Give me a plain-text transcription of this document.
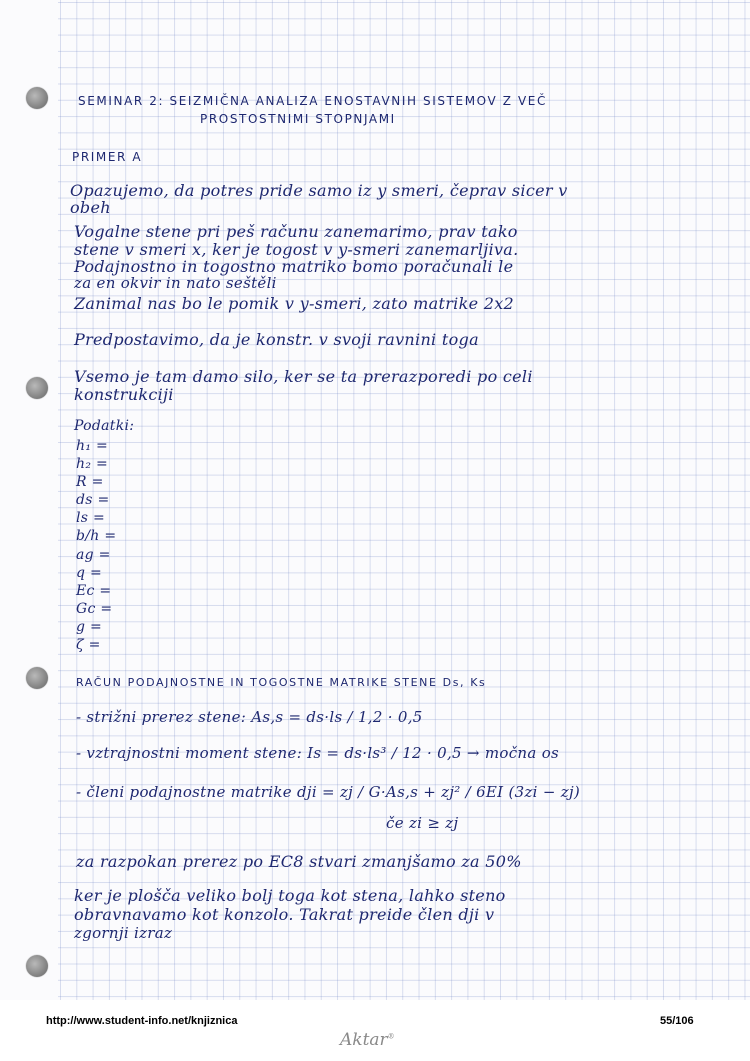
SEMINAR 2: SEIZMIČNA ANALIZA ENOSTAVNIH SISTEMOV Z VEČ
PROSTOSTNIMI STOPNJAMI
PRIMER A
Opazujemo, da potres pride samo iz y smeri, čeprav sicer v
obeh
Vogalne stene pri peš računu zanemarimo, prav tako
stene v smeri x, ker je togost v y-smeri zanemarljiva.
Podajnostno in togostno matriko bomo poračunali le
za en okvir in nato seštěli
Zanimal nas bo le pomik v y-smeri, zato matrike 2x2
Predpostavimo, da je konstr. v svoji ravnini toga
Vsemo je tam damo silo, ker se ta prerazporedi po celi
konstrukciji
Podatki:
h₁ =
h₂ =
R =
ds =
ls =
b/h =
ag =
q =
Ec =
Gc =
g =
ζ =
RAČUN PODAJNOSTNE IN TOGOSTNE MATRIKE STENE Ds, Ks
- strižni prerez stene: As,s = ds·ls / 1,2 · 0,5
- vztrajnostni moment stene: Is = ds·ls³ / 12 · 0,5 → močna os
- členi podajnostne matrike dji = zj / G·As,s + zj² / 6EI (3zi − zj)
če zi ≥ zj
za razpokan prerez po EC8 stvari zmanjšamo za 50%
ker je plošča veliko bolj toga kot stena, lahko steno
obravnavamo kot konzolo. Takrat preide člen dji v
zgornji izraz
http://www.student-info.net/knjiznica	55/106
Aktar®
